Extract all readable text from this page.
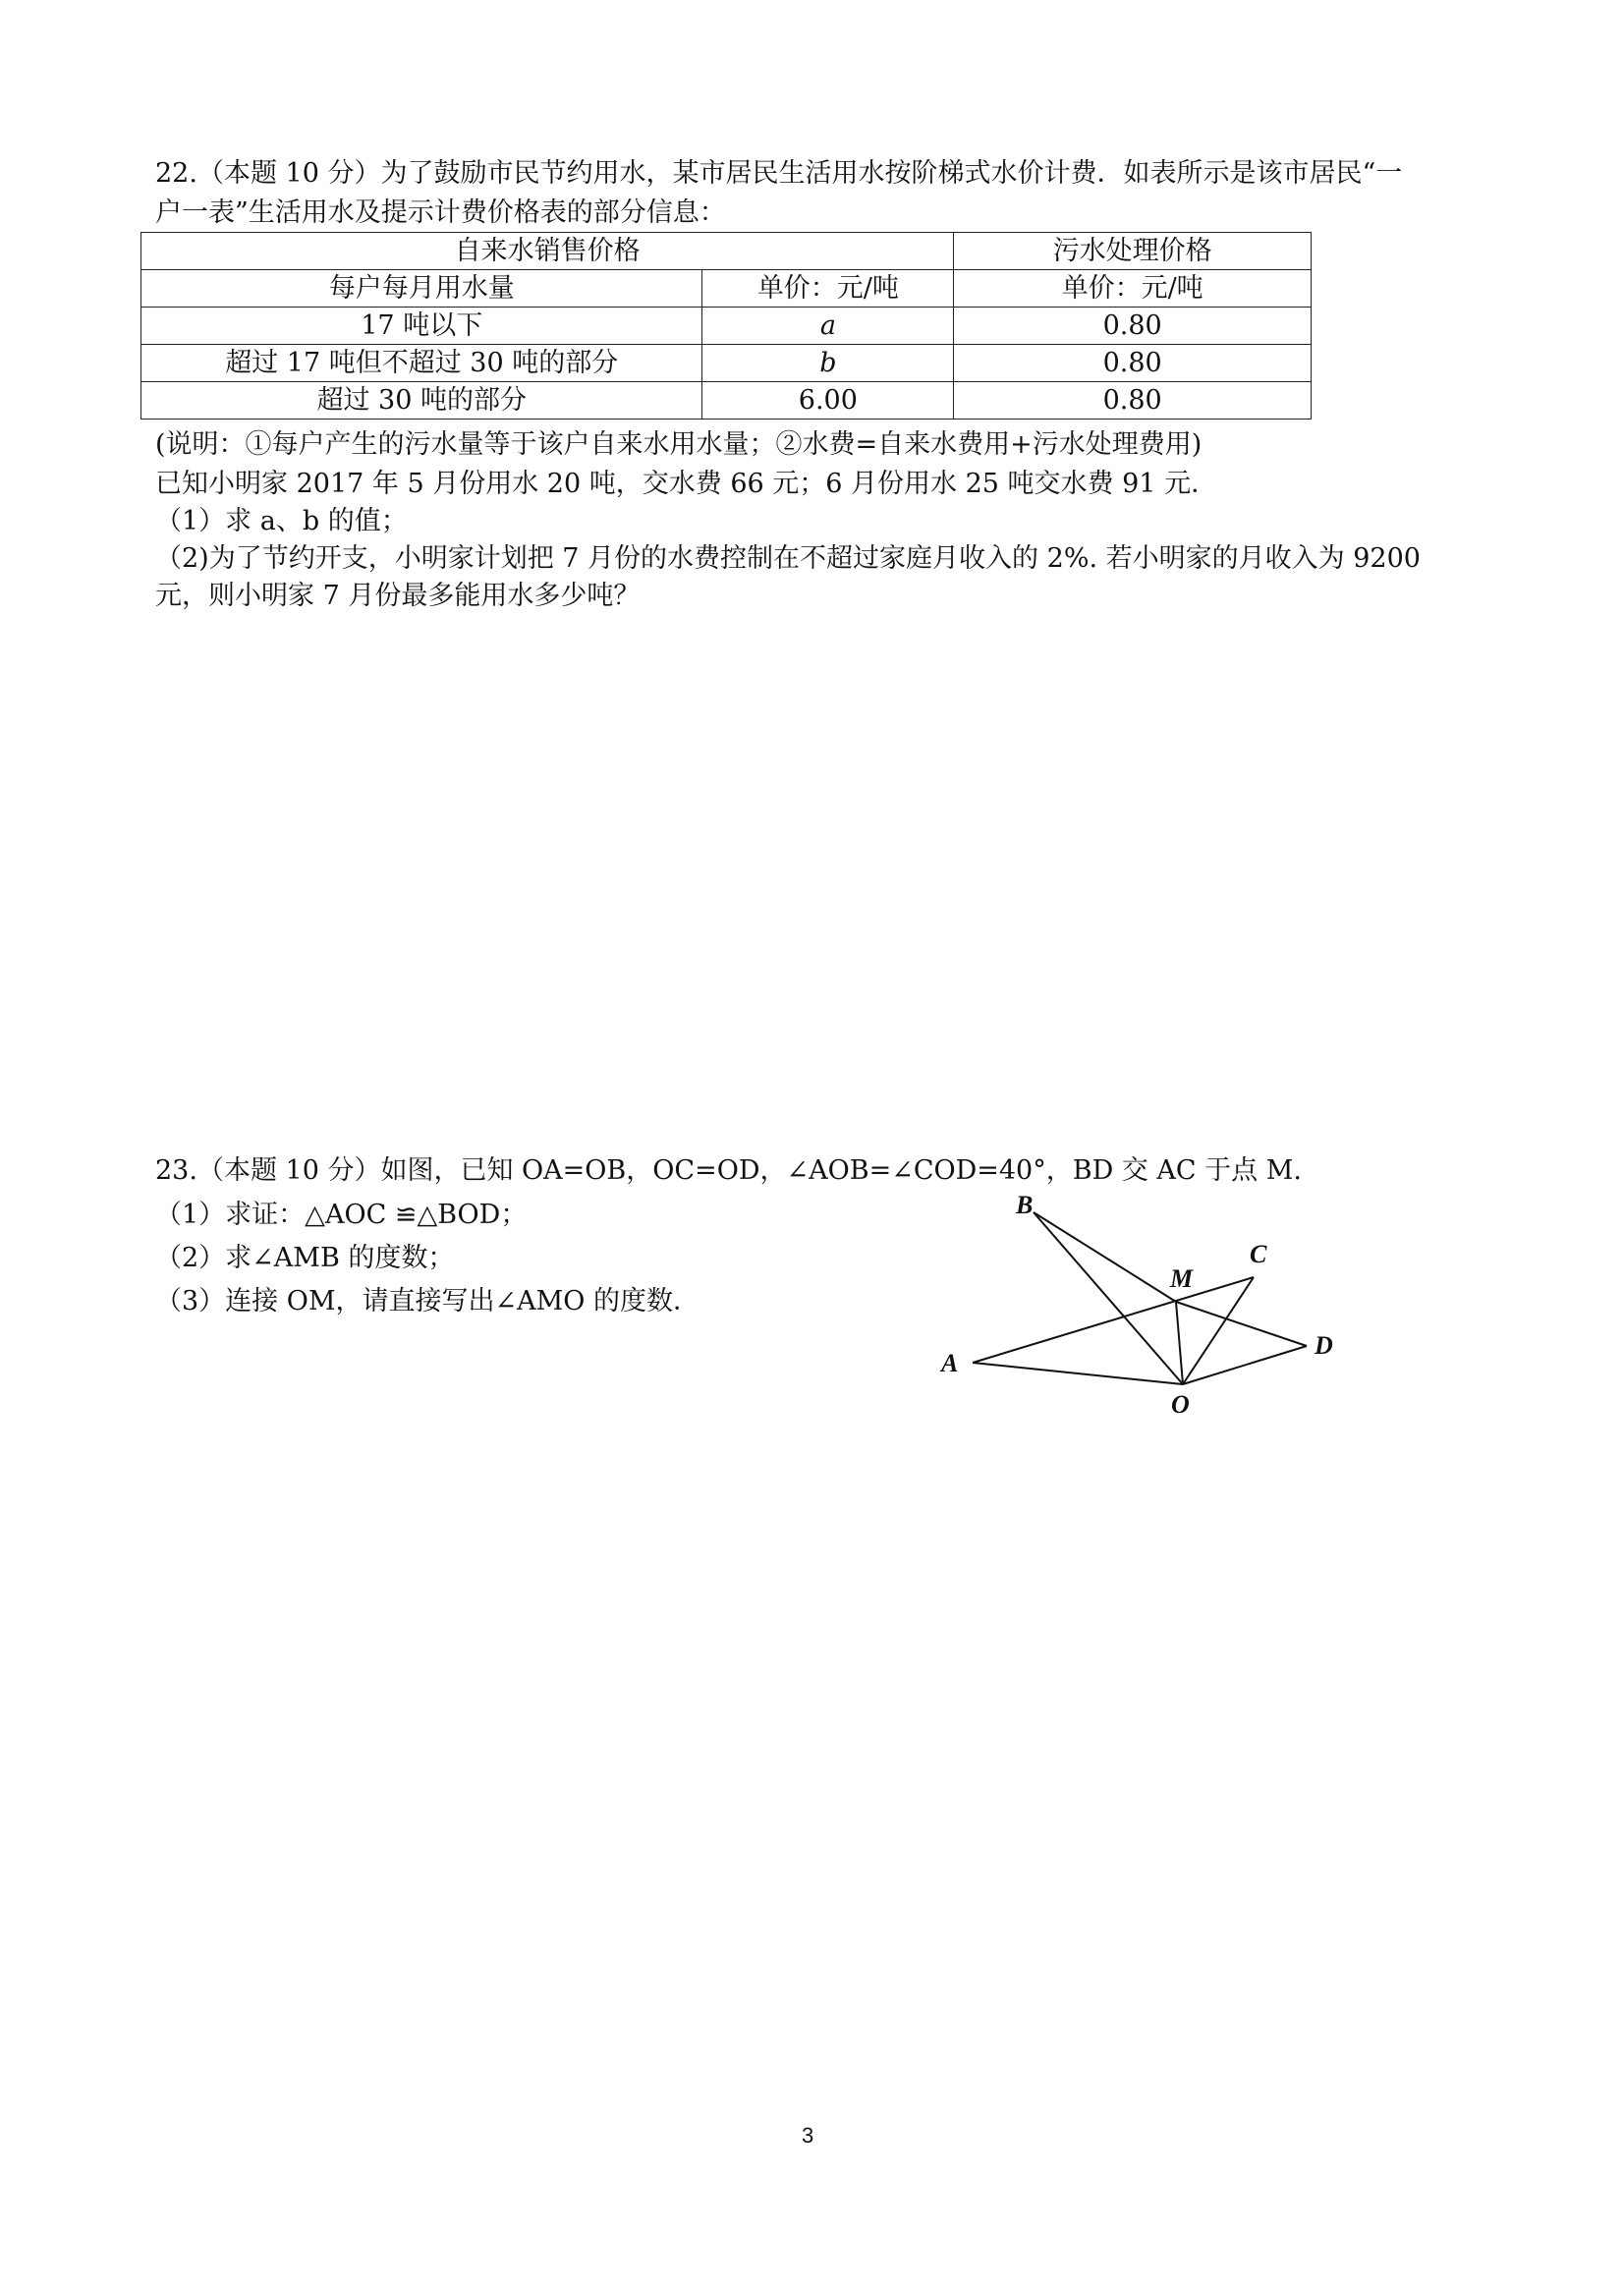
22.（本题 10 分）为了鼓励市民节约用水，某市居民生活用水按阶梯式水价计费．如表所示是该市居民“一
户一表”生活用水及提示计费价格表的部分信息：
自来水销售价格		污水处理价格
每户每月用水量	单价：元/吨	单价：元/吨
17 吨以下	a	0.80
超过 17 吨但不超过 30 吨的部分	b	0.80
超过 30 吨的部分	6.00	0.80
(说明：①每户产生的污水量等于该户自来水用水量；②水费=自来水费用+污水处理费用)
已知小明家 2017 年 5 月份用水 20 吨，交水费 66 元；6 月份用水 25 吨交水费 91 元．
（1）求 a、b 的值；
（2)为了节约开支，小明家计划把 7 月份的水费控制在不超过家庭月收入的 2%. 若小明家的月收入为 9200
元，则小明家 7 月份最多能用水多少吨？
23.（本题 10 分）如图，已知 OA=OB，OC=OD，∠AOB=∠COD=40°，BD 交 AC 于点 M.
（1）求证：△AOC ≌△BOD；
（2）求∠AMB 的度数；
（3）连接 OM，请直接写出∠AMO 的度数．
B
C
M
D
A
O
3
